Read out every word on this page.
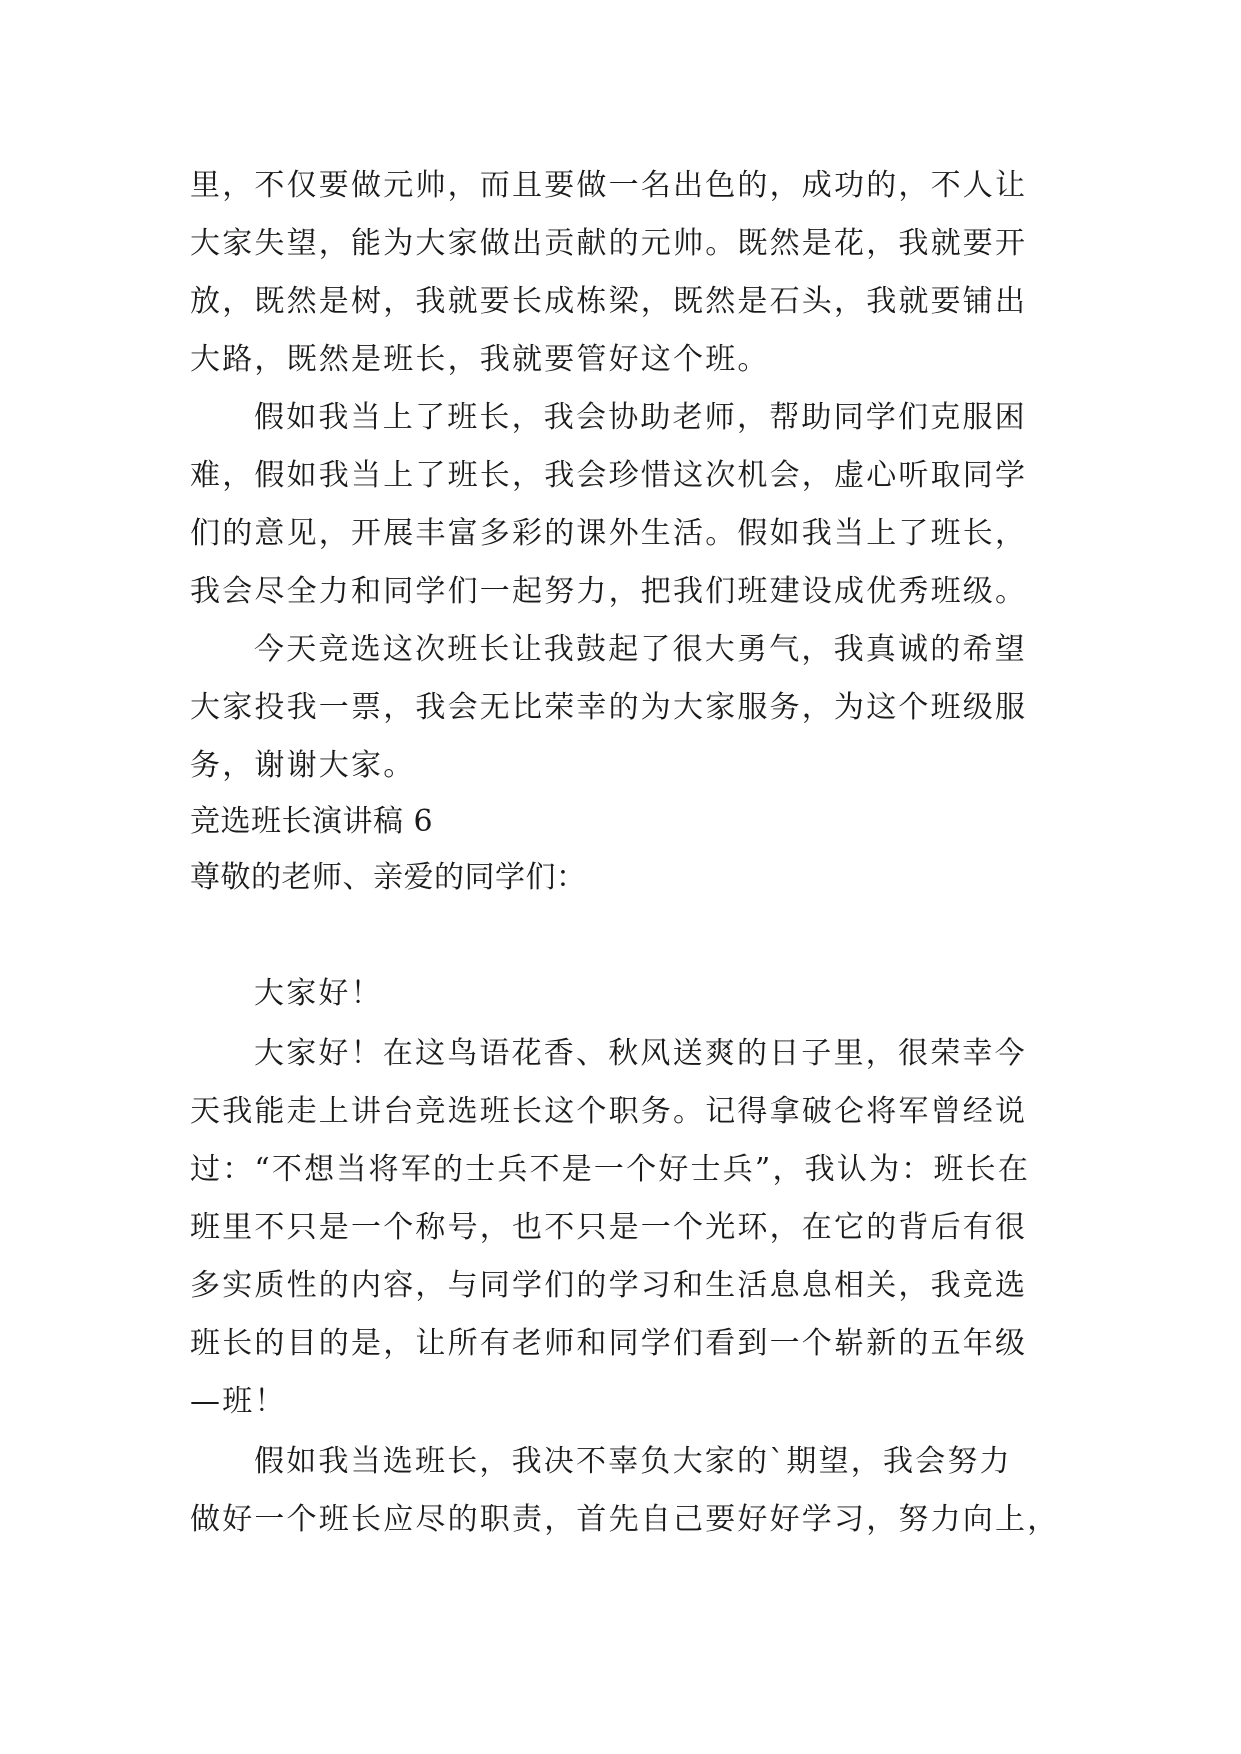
里，不仅要做元帅，而且要做一名出色的，成功的，不人让
大家失望，能为大家做出贡献的元帅。既然是花，我就要开
放，既然是树，我就要长成栋梁，既然是石头，我就要铺出
大路，既然是班长，我就要管好这个班。
假如我当上了班长，我会协助老师，帮助同学们克服困
难，假如我当上了班长，我会珍惜这次机会，虚心听取同学
们的意见，开展丰富多彩的课外生活。假如我当上了班长，
我会尽全力和同学们一起努力，把我们班建设成优秀班级。
今天竞选这次班长让我鼓起了很大勇气，我真诚的希望
大家投我一票，我会无比荣幸的为大家服务，为这个班级服
务，谢谢大家。
竞选班长演讲稿 6
尊敬的老师、亲爱的同学们：
大家好！
大家好！在这鸟语花香、秋风送爽的日子里，很荣幸今
天我能走上讲台竞选班长这个职务。记得拿破仑将军曾经说
过：“不想当将军的士兵不是一个好士兵”，我认为：班长在
班里不只是一个称号，也不只是一个光环，在它的背后有很
多实质性的内容，与同学们的学习和生活息息相关，我竞选
班长的目的是，让所有老师和同学们看到一个崭新的五年级
—班！
假如我当选班长，我决不辜负大家的`期望，我会努力
做好一个班长应尽的职责，首先自己要好好学习，努力向上，
